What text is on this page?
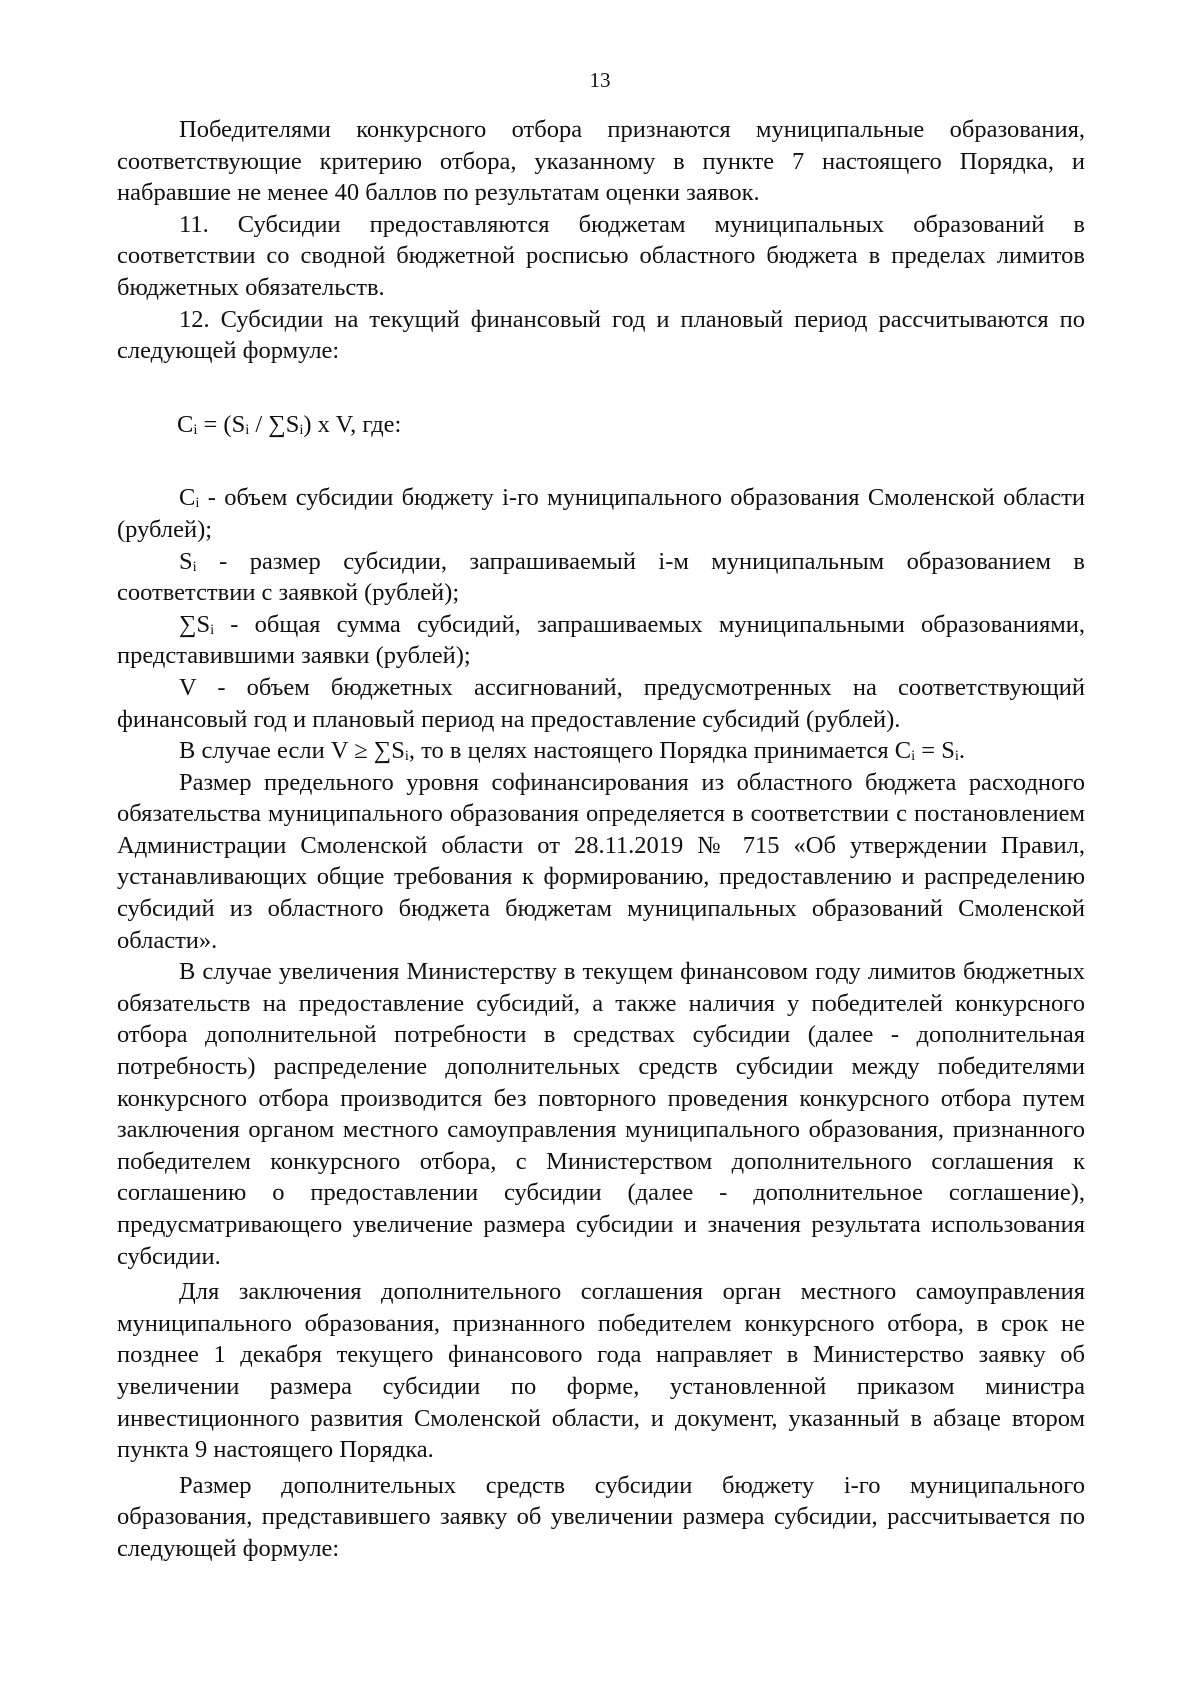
13

Победителями конкурсного отбора признаются муниципальные образования, соответствующие критерию отбора, указанному в пункте 7 настоящего Порядка, и набравшие не менее 40 баллов по результатам оценки заявок.

11. Субсидии предоставляются бюджетам муниципальных образований в соответствии со сводной бюджетной росписью областного бюджета в пределах лимитов бюджетных обязательств.

12. Субсидии на текущий финансовый год и плановый период рассчитываются по следующей формуле:

Cᵢ = (Sᵢ / ∑Sᵢ) x V, где:

Cᵢ - объем субсидии бюджету i-го муниципального образования Смоленской области (рублей);

Sᵢ - размер субсидии, запрашиваемый i-м муниципальным образованием в соответствии с заявкой (рублей);

∑Sᵢ - общая сумма субсидий, запрашиваемых муниципальными образованиями, представившими заявки (рублей);

V - объем бюджетных ассигнований, предусмотренных на соответствующий финансовый год и плановый период на предоставление субсидий (рублей).

В случае если V ≥ ∑Sᵢ, то в целях настоящего Порядка принимается Cᵢ = Sᵢ.

Размер предельного уровня софинансирования из областного бюджета расходного обязательства муниципального образования определяется в соответствии с постановлением Администрации Смоленской области от 28.11.2019 № 715 «Об утверждении Правил, устанавливающих общие требования к формированию, предоставлению и распределению субсидий из областного бюджета бюджетам муниципальных образований Смоленской области».

В случае увеличения Министерству в текущем финансовом году лимитов бюджетных обязательств на предоставление субсидий, а также наличия у победителей конкурсного отбора дополнительной потребности в средствах субсидии (далее - дополнительная потребность) распределение дополнительных средств субсидии между победителями конкурсного отбора производится без повторного проведения конкурсного отбора путем заключения органом местного самоуправления муниципального образования, признанного победителем конкурсного отбора, с Министерством дополнительного соглашения к соглашению о предоставлении субсидии (далее - дополнительное соглашение), предусматривающего увеличение размера субсидии и значения результата использования субсидии.

Для заключения дополнительного соглашения орган местного самоуправления муниципального образования, признанного победителем конкурсного отбора, в срок не позднее 1 декабря текущего финансового года направляет в Министерство заявку об увеличении размера субсидии по форме, установленной приказом министра инвестиционного развития Смоленской области, и документ, указанный в абзаце втором пункта 9 настоящего Порядка.

Размер дополнительных средств субсидии бюджету i-го муниципального образования, представившего заявку об увеличении размера субсидии, рассчитывается по следующей формуле:
